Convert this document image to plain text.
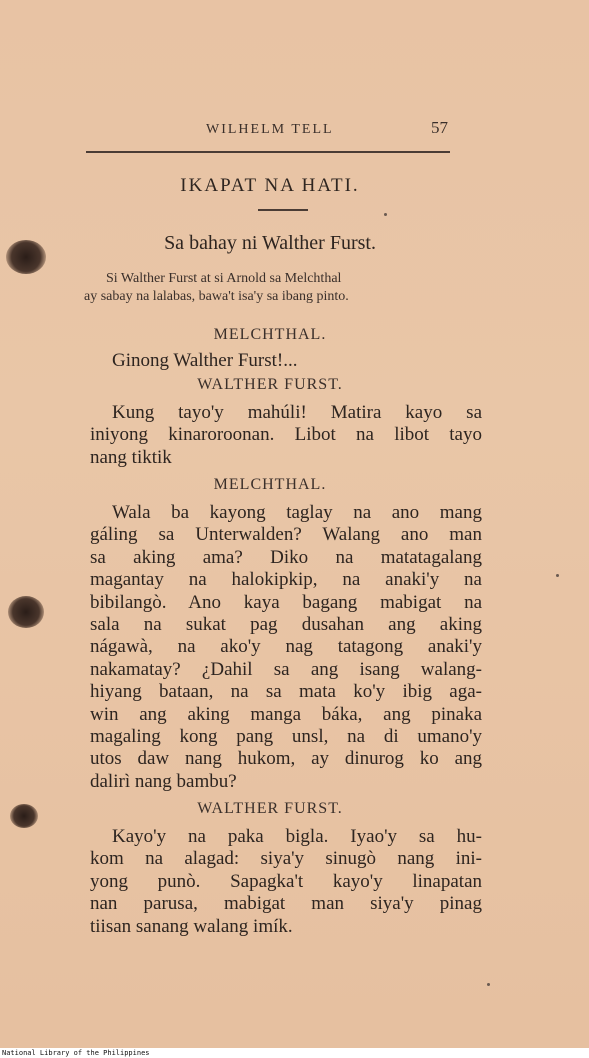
WILHELM TELL	57
IKAPAT NA HATI.
Sa bahay ni Walther Furst.
Si Walther Furst at si Arnold sa Melchthal
ay sabay na lalabas, bawa't isa'y sa ibang pinto.
MELCHTHAL.
Ginong Walther Furst!...
WALTHER FURST.
Kung tayo'y mahúli! Matira kayo sa
iniyong kinaroroonan. Libot na libot tayo
nang tiktik
MELCHTHAL.
Wala ba kayong taglay na ano mang
gáling sa Unterwalden? Walang ano man
sa aking ama? Diko na matatagalang
magantay na halokipkip, na anaki'y na
bibilangò. Ano kaya bagang mabigat na
sala na sukat pag dusahan ang aking
nágawà, na ako'y nag tatagong anaki'y
nakamatay? ¿Dahil sa ang isang walang-
hiyang bataan, na sa mata ko'y ibig aga-
win ang aking manga báka, ang pinaka
magaling kong pang unsl, na di umano'y
utos daw nang hukom, ay dinurog ko ang
dalirì nang bambu?
WALTHER FURST.
Kayo'y na paka bigla. Iyao'y sa hu-
kom na alagad: siya'y sinugò nang ini-
yong punò. Sapagka't kayo'y linapatan
nan parusa, mabigat man siya'y pinag
tiisan sanang walang imík.
National Library of the Philippines
